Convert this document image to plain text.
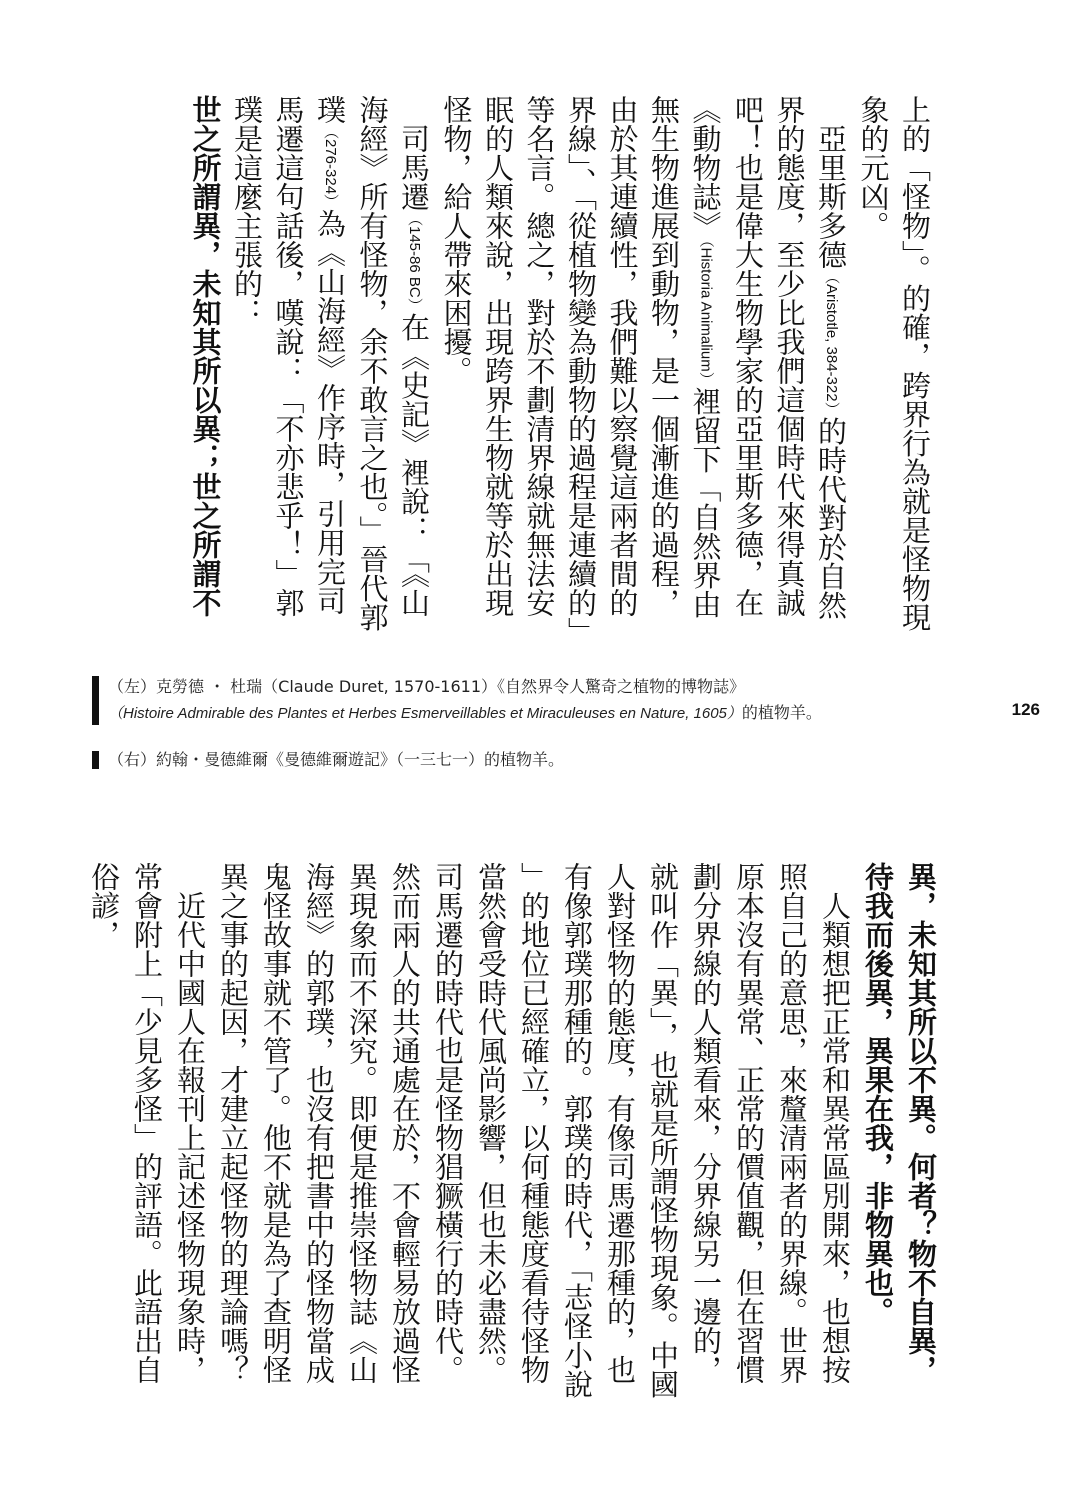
上的「怪物」。的確，跨界行為就是怪物現象的元凶。

亞里斯多德（Aristotle, 384-322）的時代對於自然界的態度，至少比我們這個時代來得真誠吧！也是偉大生物學家的亞里斯多德，在《動物誌》（Historia Animalium）裡留下「自然界由無生物進展到動物，是一個漸進的過程，由於其連續性，我們難以察覺這兩者間的界線」、「從植物變為動物的過程是連續的」等名言。總之，對於不劃清界線就無法安眠的人類來說，出現跨界生物就等於出現怪物，給人帶來困擾。

司馬遷（145-86 BC）在《史記》裡說：「《山海經》所有怪物，余不敢言之也。」晉代郭璞（276-324）為《山海經》作序時，引用完司馬遷這句話後，嘆說：「不亦悲乎！」郭璞是這麼主張的：

世之所謂異，未知其所以異；世之所謂不

（左）克勞德 ・ 杜瑞（Claude Duret, 1570-1611）《自然界令人驚奇之植物的博物誌》
（Histoire Admirable des Plantes et Herbes Esmerveillables et Miraculeuses en Nature, 1605）的植物羊。
（右）約翰・曼德維爾《曼德維爾遊記》（一三七一）的植物羊。
126

異，未知其所以不異。何者？物不自異，待我而後異，異果在我，非物異也。

人類想把正常和異常區別開來，也想按照自己的意思，來釐清兩者的界線。世界原本沒有異常、正常的價值觀，但在習慣劃分界線的人類看來，分界線另一邊的，就叫作「異」，也就是所謂怪物現象。中國人對怪物的態度，有像司馬遷那種的，也有像郭璞那種的。郭璞的時代，「志怪小說」的地位已經確立，以何種態度看待怪物當然會受時代風尚影響，但也未必盡然。司馬遷的時代也是怪物猖獗橫行的時代。然而兩人的共通處在於，不會輕易放過怪異現象而不深究。即便是推崇怪物誌《山海經》的郭璞，也沒有把書中的怪物當成鬼怪故事就不管了。他不就是為了查明怪異之事的起因，才建立起怪物的理論嗎？

近代中國人在報刊上記述怪物現象時，常會附上「少見多怪」的評語。此語出自俗諺，
